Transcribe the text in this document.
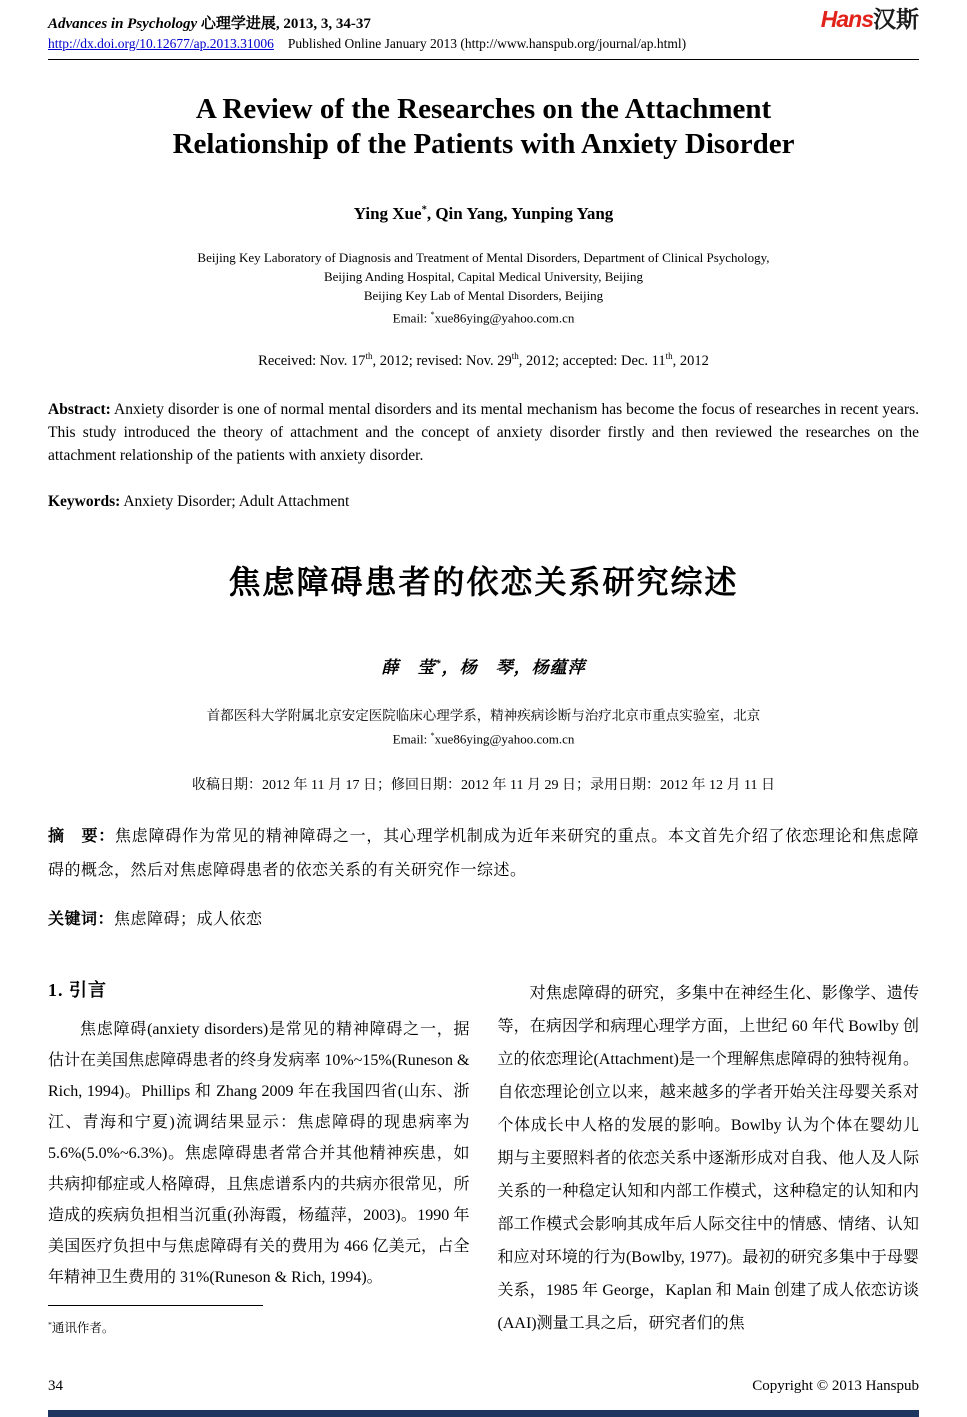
Advances in Psychology 心理学进展, 2013, 3, 34-37	Hans汉斯
http://dx.doi.org/10.12677/ap.2013.31006 Published Online January 2013 (http://www.hanspub.org/journal/ap.html)
A Review of the Researches on the Attachment
Relationship of the Patients with Anxiety Disorder
Ying Xue*, Qin Yang, Yunping Yang
Beijing Key Laboratory of Diagnosis and Treatment of Mental Disorders, Department of Clinical Psychology,
Beijing Anding Hospital, Capital Medical University, Beijing
Beijing Key Lab of Mental Disorders, Beijing
Email: *xue86ying@yahoo.com.cn
Received: Nov. 17th, 2012; revised: Nov. 29th, 2012; accepted: Dec. 11th, 2012

Abstract: Anxiety disorder is one of normal mental disorders and its mental mechanism has become the focus of researches in recent years. This study introduced the theory of attachment and the concept of anxiety disorder firstly and then reviewed the researches on the attachment relationship of the patients with anxiety disorder.

Keywords: Anxiety Disorder; Adult Attachment

焦虑障碍患者的依恋关系研究综述
薛　莹*，杨　琴，杨蕴萍
首都医科大学附属北京安定医院临床心理学系，精神疾病诊断与治疗北京市重点实验室，北京
Email: *xue86ying@yahoo.com.cn
收稿日期：2012 年 11 月 17 日；修回日期：2012 年 11 月 29 日；录用日期：2012 年 12 月 11 日

摘　要：焦虑障碍作为常见的精神障碍之一，其心理学机制成为近年来研究的重点。本文首先介绍了依恋理论和焦虑障碍的概念，然后对焦虑障碍患者的依恋关系的有关研究作一综述。

关键词：焦虑障碍；成人依恋

1. 引言

焦虑障碍(anxiety disorders)是常见的精神障碍之一，据估计在美国焦虑障碍患者的终身发病率 10%~15%(Runeson & Rich, 1994)。Phillips 和 Zhang 2009 年在我国四省(山东、浙江、青海和宁夏)流调结果显示：焦虑障碍的现患病率为 5.6%(5.0%~6.3%)。焦虑障碍患者常合并其他精神疾患，如共病抑郁症或人格障碍，且焦虑谱系内的共病亦很常见，所造成的疾病负担相当沉重(孙海霞，杨蕴萍，2003)。1990 年美国医疗负担中与焦虑障碍有关的费用为 466 亿美元，占全年精神卫生费用的 31%(Runeson & Rich, 1994)。

*通讯作者。

对焦虑障碍的研究，多集中在神经生化、影像学、遗传等，在病因学和病理心理学方面，上世纪 60 年代 Bowlby 创立的依恋理论(Attachment)是一个理解焦虑障碍的独特视角。自依恋理论创立以来，越来越多的学者开始关注母婴关系对个体成长中人格的发展的影响。Bowlby 认为个体在婴幼儿期与主要照料者的依恋关系中逐渐形成对自我、他人及人际关系的一种稳定认知和内部工作模式，这种稳定的认知和内部工作模式会影响其成年后人际交往中的情感、情绪、认知和应对环境的行为(Bowlby, 1977)。最初的研究多集中于母婴关系，1985 年 George，Kaplan 和 Main 创建了成人依恋访谈(AAI)测量工具之后，研究者们的焦

34	Copyright © 2013 Hanspub
